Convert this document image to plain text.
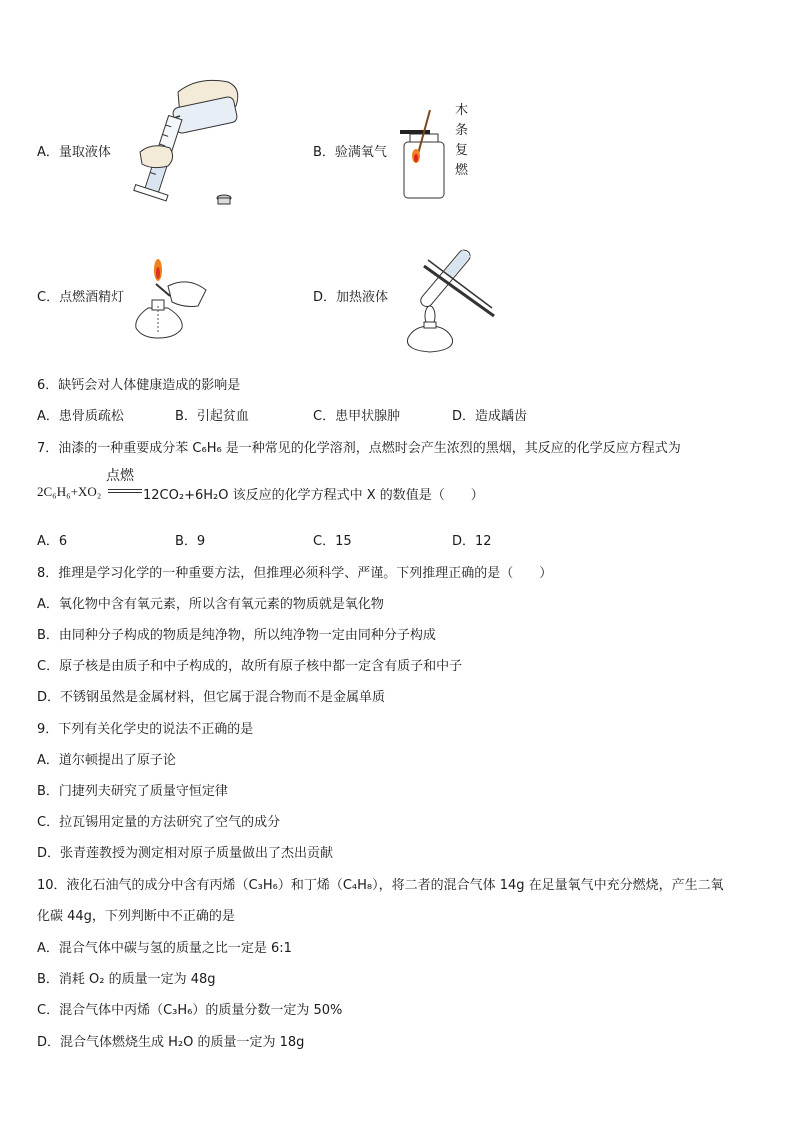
A．量取液体	B．验满氧气
木
条
复
燃
C．点燃酒精灯	D．加热液体
6．缺钙会对人体健康造成的影响是
A．患骨质疏松	B．引起贫血	C．患甲状腺肿	D．造成龋齿
7．油漆的一种重要成分苯 C₆H₆ 是一种常见的化学溶剂，点燃时会产生浓烈的黑烟，其反应的化学反应方程式为
点燃
2C₆H₆+XO₂	12CO₂+6H₂O 该反应的化学方程式中 X 的数值是（　　）
A．6	B．9	C．15	D．12
8．推理是学习化学的一种重要方法，但推理必须科学、严谨。下列推理正确的是（　　）
A．氧化物中含有氧元素，所以含有氧元素的物质就是氧化物
B．由同种分子构成的物质是纯净物，所以纯净物一定由同种分子构成
C．原子核是由质子和中子构成的，故所有原子核中都一定含有质子和中子
D．不锈钢虽然是金属材料，但它属于混合物而不是金属单质
9．下列有关化学史的说法不正确的是
A．道尔顿提出了原子论
B．门捷列夫研究了质量守恒定律
C．拉瓦锡用定量的方法研究了空气的成分
D．张青莲教授为测定相对原子质量做出了杰出贡献
10．液化石油气的成分中含有丙烯（C₃H₆）和丁烯（C₄H₈），将二者的混合气体 14g 在足量氧气中充分燃烧，产生二氧
化碳 44g，下列判断中不正确的是
A．混合气体中碳与氢的质量之比一定是 6:1
B．消耗 O₂ 的质量一定为 48g
C．混合气体中丙烯（C₃H₆）的质量分数一定为 50%
D．混合气体燃烧生成 H₂O 的质量一定为 18g
